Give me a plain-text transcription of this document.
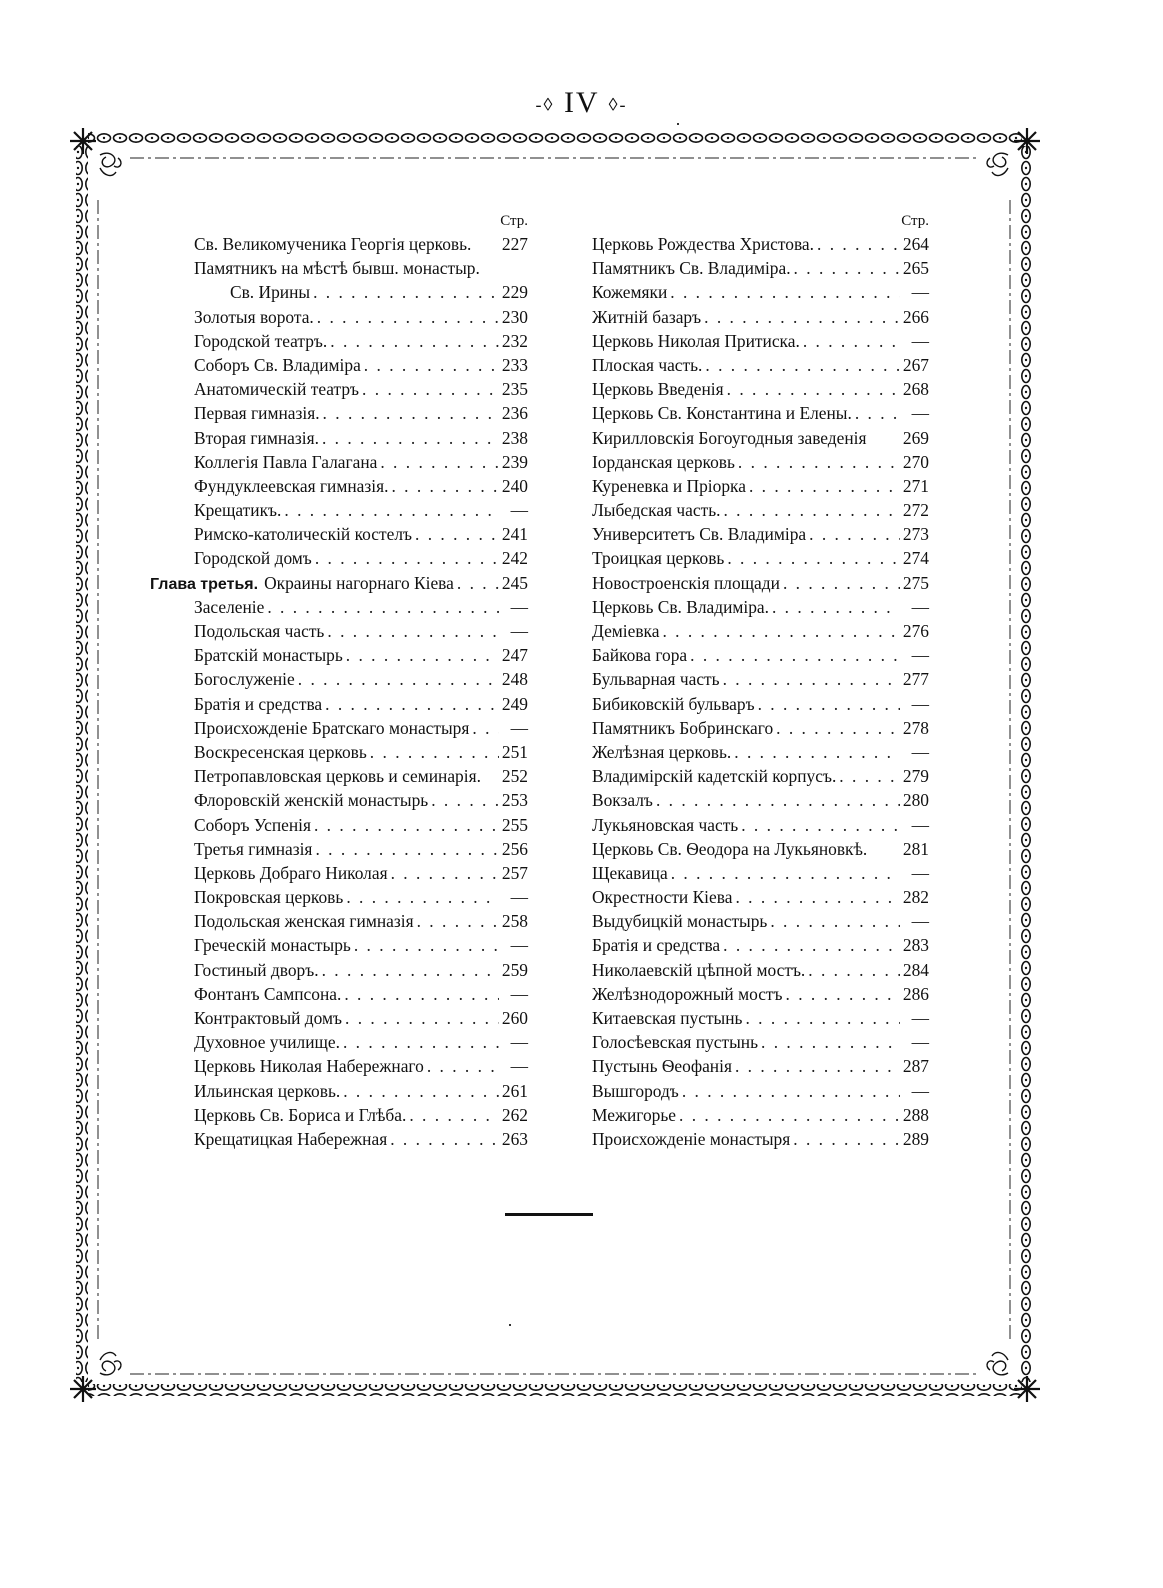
-◊ IV ◊-
Стр.
Св. Великомученика Георгія церковь. 227
Памятникъ на мѣстѣ бывш. монастыр.
Св. Ирины . . .	229
Золотыя ворота. . . .	230
Городской театръ. . . .	232
Соборъ Св. Владиміра . . .	233
Анатомическій театръ . . .	235
Первая гимназія. . . .	236
Вторая гимназія. . . .	238
Коллегія Павла Галагана . . .	239
Фундуклеевская гимназія. . . .	240
Крещатикъ. . . .	—
Римско-католическій костелъ . . .	241
Городской домъ . . .	242
Глава третья. Окраины нагорнаго Кіева . . .	245
Заселеніе . . .	—
Подольская часть . . .	—
Братскій монастырь . . .	247
Богослуженіе . . .	248
Братія и средства . . .	249
Происхожденіе Братскаго монастыря . . .	—
Воскресенская церковь . . .	251
Петропавловская церковь и семинарія. 252
Флоровскій женскій монастырь . . .	253
Соборъ Успенія . . .	255
Третья гимназія . . .	256
Церковь Добраго Николая . . .	257
Покровская церковь . . .	—
Подольская женская гимназія . . .	258
Греческій монастырь . . .	—
Гостиный дворъ. . . .	259
Фонтанъ Сампсона. . . .	—
Контрактовый домъ . . .	260
Духовное училище. . . .	—
Церковь Николая Набережнаго . . .	—
Ильинская церковь. . . .	261
Церковь Св. Бориса и Глѣба. . . .	262
Крещатицкая Набережная . . .	263
Стр.
Церковь Рождества Христова. . . .	264
Памятникъ Св. Владиміра. . . .	265
Кожемяки . . .	—
Житній базаръ . . .	266
Церковь Николая Притиска. . . .	—
Плоская часть. . . .	267
Церковь Введенія . . .	268
Церковь Св. Константина и Елены. . . .	—
Кирилловскія Богоугодныя заведенія 269
Іорданская церковь . . .	270
Куреневка и Пріорка . . .	271
Лыбедская часть. . . .	272
Университетъ Св. Владиміра . . .	273
Троицкая церковь . . .	274
Новостроенскія площади . . .	275
Церковь Св. Владиміра. . . .	—
Деміевка . . .	276
Байкова гора . . .	—
Бульварная часть . . .	277
Бибиковскій бульваръ . . .	—
Памятникъ Бобринскаго . . .	278
Желѣзная церковь. . . .	—
Владимірскій кадетскій корпусъ. . . .	279
Вокзалъ . . .	280
Лукьяновская часть . . .	—
Церковь Св. Ѳеодора на Лукьяновкѣ. 281
Щекавица . . .	—
Окрестности Кіева . . .	282
Выдубицкій монастырь . . .	—
Братія и средства . . .	283
Николаевскій цѣпной мостъ. . . .	284
Желѣзнодорожный мостъ . . .	286
Китаевская пустынь . . .	—
Голосѣевская пустынь . . .	—
Пустынь Ѳеофанія . . .	287
Вышгородъ . . .	—
Межигорье . . .	288
Происхожденіе монастыря . . .	289
